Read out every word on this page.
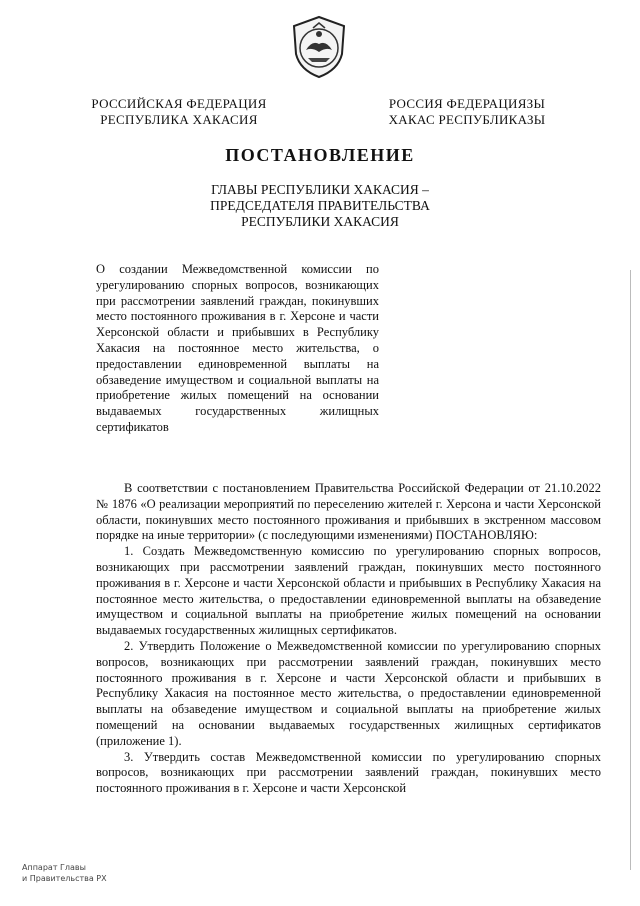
РОССИЙСКАЯ ФЕДЕРАЦИЯ
РЕСПУБЛИКА ХАКАСИЯ
РОССИЯ ФЕДЕРАЦИЯЗЫ
ХАКАС РЕСПУБЛИКАЗЫ
ПОСТАНОВЛЕНИЕ
ГЛАВЫ РЕСПУБЛИКИ ХАКАСИЯ –
ПРЕДСЕДАТЕЛЯ ПРАВИТЕЛЬСТВА
РЕСПУБЛИКИ ХАКАСИЯ
О создании Межведомственной комиссии по урегулированию спорных вопросов, возникающих при рассмотрении заявлений граждан, покинувших место постоянного проживания в г. Херсоне и части Херсонской области и прибывших в Республику Хакасия на постоянное место жительства, о предоставлении единовременной выплаты на обзаведение имуществом и социальной выплаты на приобретение жилых помещений на основании выдаваемых государственных жилищных сертификатов

В соответствии с постановлением Правительства Российской Федерации от 21.10.2022 № 1876 «О реализации мероприятий по переселению жителей г. Херсона и части Херсонской области, покинувших место постоянного проживания и прибывших в экстренном массовом порядке на иные территории» (с последующими изменениями) ПОСТАНОВЛЯЮ:

1. Создать Межведомственную комиссию по урегулированию спорных вопросов, возникающих при рассмотрении заявлений граждан, покинувших место постоянного проживания в г. Херсоне и части Херсонской области и прибывших в Республику Хакасия на постоянное место жительства, о предоставлении единовременной выплаты на обзаведение имуществом и социальной выплаты на приобретение жилых помещений на основании выдаваемых государственных жилищных сертификатов.

2. Утвердить Положение о Межведомственной комиссии по урегулированию спорных вопросов, возникающих при рассмотрении заявлений граждан, покинувших место постоянного проживания в г. Херсоне и части Херсонской области и прибывших в Республику Хакасия на постоянное место жительства, о предоставлении единовременной выплаты на обзаведение имуществом и социальной выплаты на приобретение жилых помещений на основании выдаваемых государственных жилищных сертификатов (приложение 1).

3. Утвердить состав Межведомственной комиссии по урегулированию спорных вопросов, возникающих при рассмотрении заявлений граждан, покинувших место постоянного проживания в г. Херсоне и части Херсонской

Аппарат Главы
и Правительства РХ
